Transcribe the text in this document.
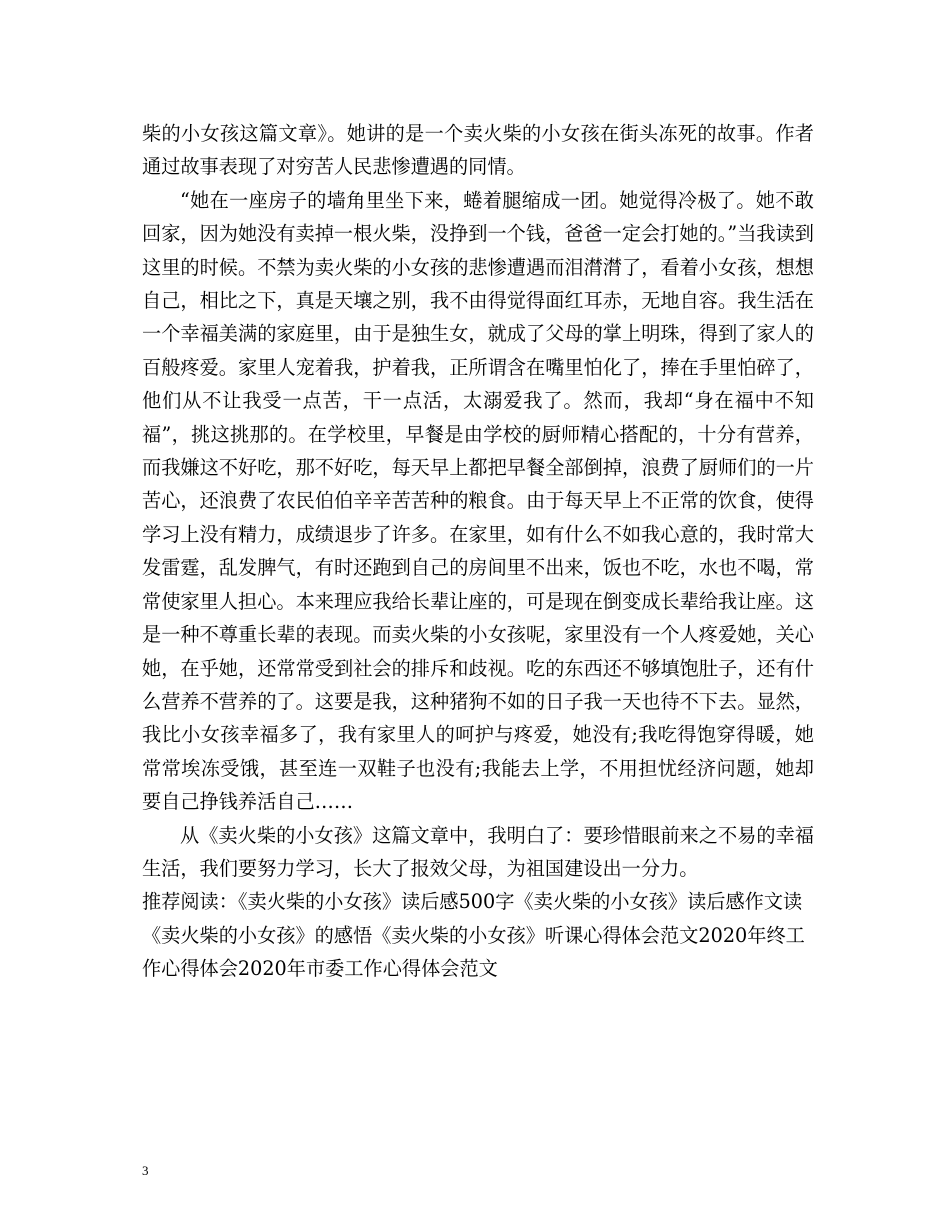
柴的小女孩这篇文章》。她讲的是一个卖火柴的小女孩在街头冻死的故事。作者通过故事表现了对穷苦人民悲惨遭遇的同情。

“她在一座房子的墙角里坐下来，蜷着腿缩成一团。她觉得冷极了。她不敢回家，因为她没有卖掉一根火柴，没挣到一个钱，爸爸一定会打她的。”当我读到这里的时候。不禁为卖火柴的小女孩的悲惨遭遇而泪潸潸了，看着小女孩，想想自己，相比之下，真是天壤之别，我不由得觉得面红耳赤，无地自容。我生活在一个幸福美满的家庭里，由于是独生女，就成了父母的掌上明珠，得到了家人的百般疼爱。家里人宠着我，护着我，正所谓含在嘴里怕化了，捧在手里怕碎了，他们从不让我受一点苦，干一点活，太溺爱我了。然而，我却“身在福中不知福”，挑这挑那的。在学校里，早餐是由学校的厨师精心搭配的，十分有营养，而我嫌这不好吃，那不好吃，每天早上都把早餐全部倒掉，浪费了厨师们的一片苦心，还浪费了农民伯伯辛辛苦苦种的粮食。由于每天早上不正常的饮食，使得学习上没有精力，成绩退步了许多。在家里，如有什么不如我心意的，我时常大发雷霆，乱发脾气，有时还跑到自己的房间里不出来，饭也不吃，水也不喝，常常使家里人担心。本来理应我给长辈让座的，可是现在倒变成长辈给我让座。这是一种不尊重长辈的表现。而卖火柴的小女孩呢，家里没有一个人疼爱她，关心她，在乎她，还常常受到社会的排斥和歧视。吃的东西还不够填饱肚子，还有什么营养不营养的了。这要是我，这种猪狗不如的日子我一天也待不下去。显然，我比小女孩幸福多了，我有家里人的呵护与疼爱，她没有;我吃得饱穿得暖，她常常埃冻受饿，甚至连一双鞋子也没有;我能去上学，不用担忧经济问题，她却要自己挣钱养活自己……

从《卖火柴的小女孩》这篇文章中，我明白了：要珍惜眼前来之不易的幸福生活，我们要努力学习，长大了报效父母，为祖国建设出一分力。

推荐阅读：《卖火柴的小女孩》读后感500字《卖火柴的小女孩》读后感作文读《卖火柴的小女孩》的感悟《卖火柴的小女孩》听课心得体会范文2020年终工作心得体会2020年市委工作心得体会范文

3
